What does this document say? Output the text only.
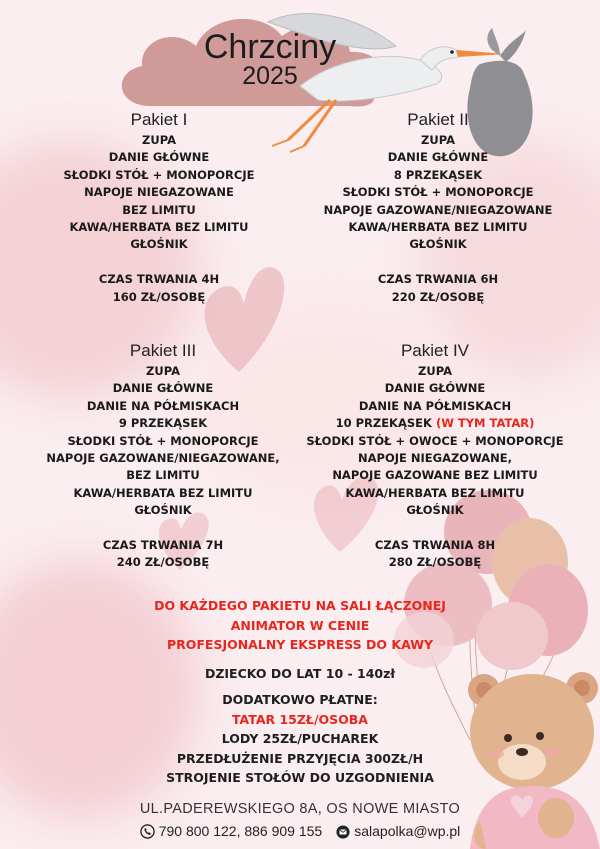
Chrzciny
2025
Pakiet I
ZUPA
DANIE GŁÓWNE
SŁODKI STÓŁ + MONOPORCJE
NAPOJE NIEGAZOWANE
BEZ LIMITU
KAWA/HERBATA BEZ LIMITU
GŁOŚNIK
CZAS TRWANIA 4H
160 ZŁ/OSOBĘ
Pakiet II
ZUPA
DANIE GŁÓWNE
8 PRZEKĄSEK
SŁODKI STÓŁ + MONOPORCJE
NAPOJE GAZOWANE/NIEGAZOWANE
KAWA/HERBATA BEZ LIMITU
GŁOŚNIK
CZAS TRWANIA 6H
220 ZŁ/OSOBĘ
Pakiet III
ZUPA
DANIE GŁÓWNE
DANIE NA PÓŁMISKACH
9 PRZEKĄSEK
SŁODKI STÓŁ + MONOPORCJE
NAPOJE GAZOWANE/NIEGAZOWANE,
BEZ LIMITU
KAWA/HERBATA BEZ LIMITU
GŁOŚNIK
CZAS TRWANIA 7H
240 ZŁ/OSOBĘ
Pakiet IV
ZUPA
DANIE GŁÓWNE
DANIE NA PÓŁMISKACH
10 PRZEKĄSEK (W TYM TATAR)
SŁODKI STÓŁ + OWOCE + MONOPORCJE
NAPOJE NIEGAZOWANE,
NAPOJE GAZOWANE BEZ LIMITU
KAWA/HERBATA BEZ LIMITU
GŁOŚNIK
CZAS TRWANIA 8H
280 ZŁ/OSOBĘ
DO KAŻDEGO PAKIETU NA SALI ŁĄCZONEJ
ANIMATOR W CENIE
PROFESJONALNY EKSPRESS DO KAWY
DZIECKO DO LAT 10 - 140zł
DODATKOWO PŁATNE:
TATAR 15ZŁ/OSOBA
LODY 25ZŁ/PUCHAREK
PRZEDŁUŻENIE PRZYJĘCIA 300ZŁ/H
STROJENIE STOŁÓW DO UZGODNIENIA
UL.PADEREWSKIEGO 8A, OS NOWE MIASTO
790 800 122, 886 909 155 salapolka@wp.pl
